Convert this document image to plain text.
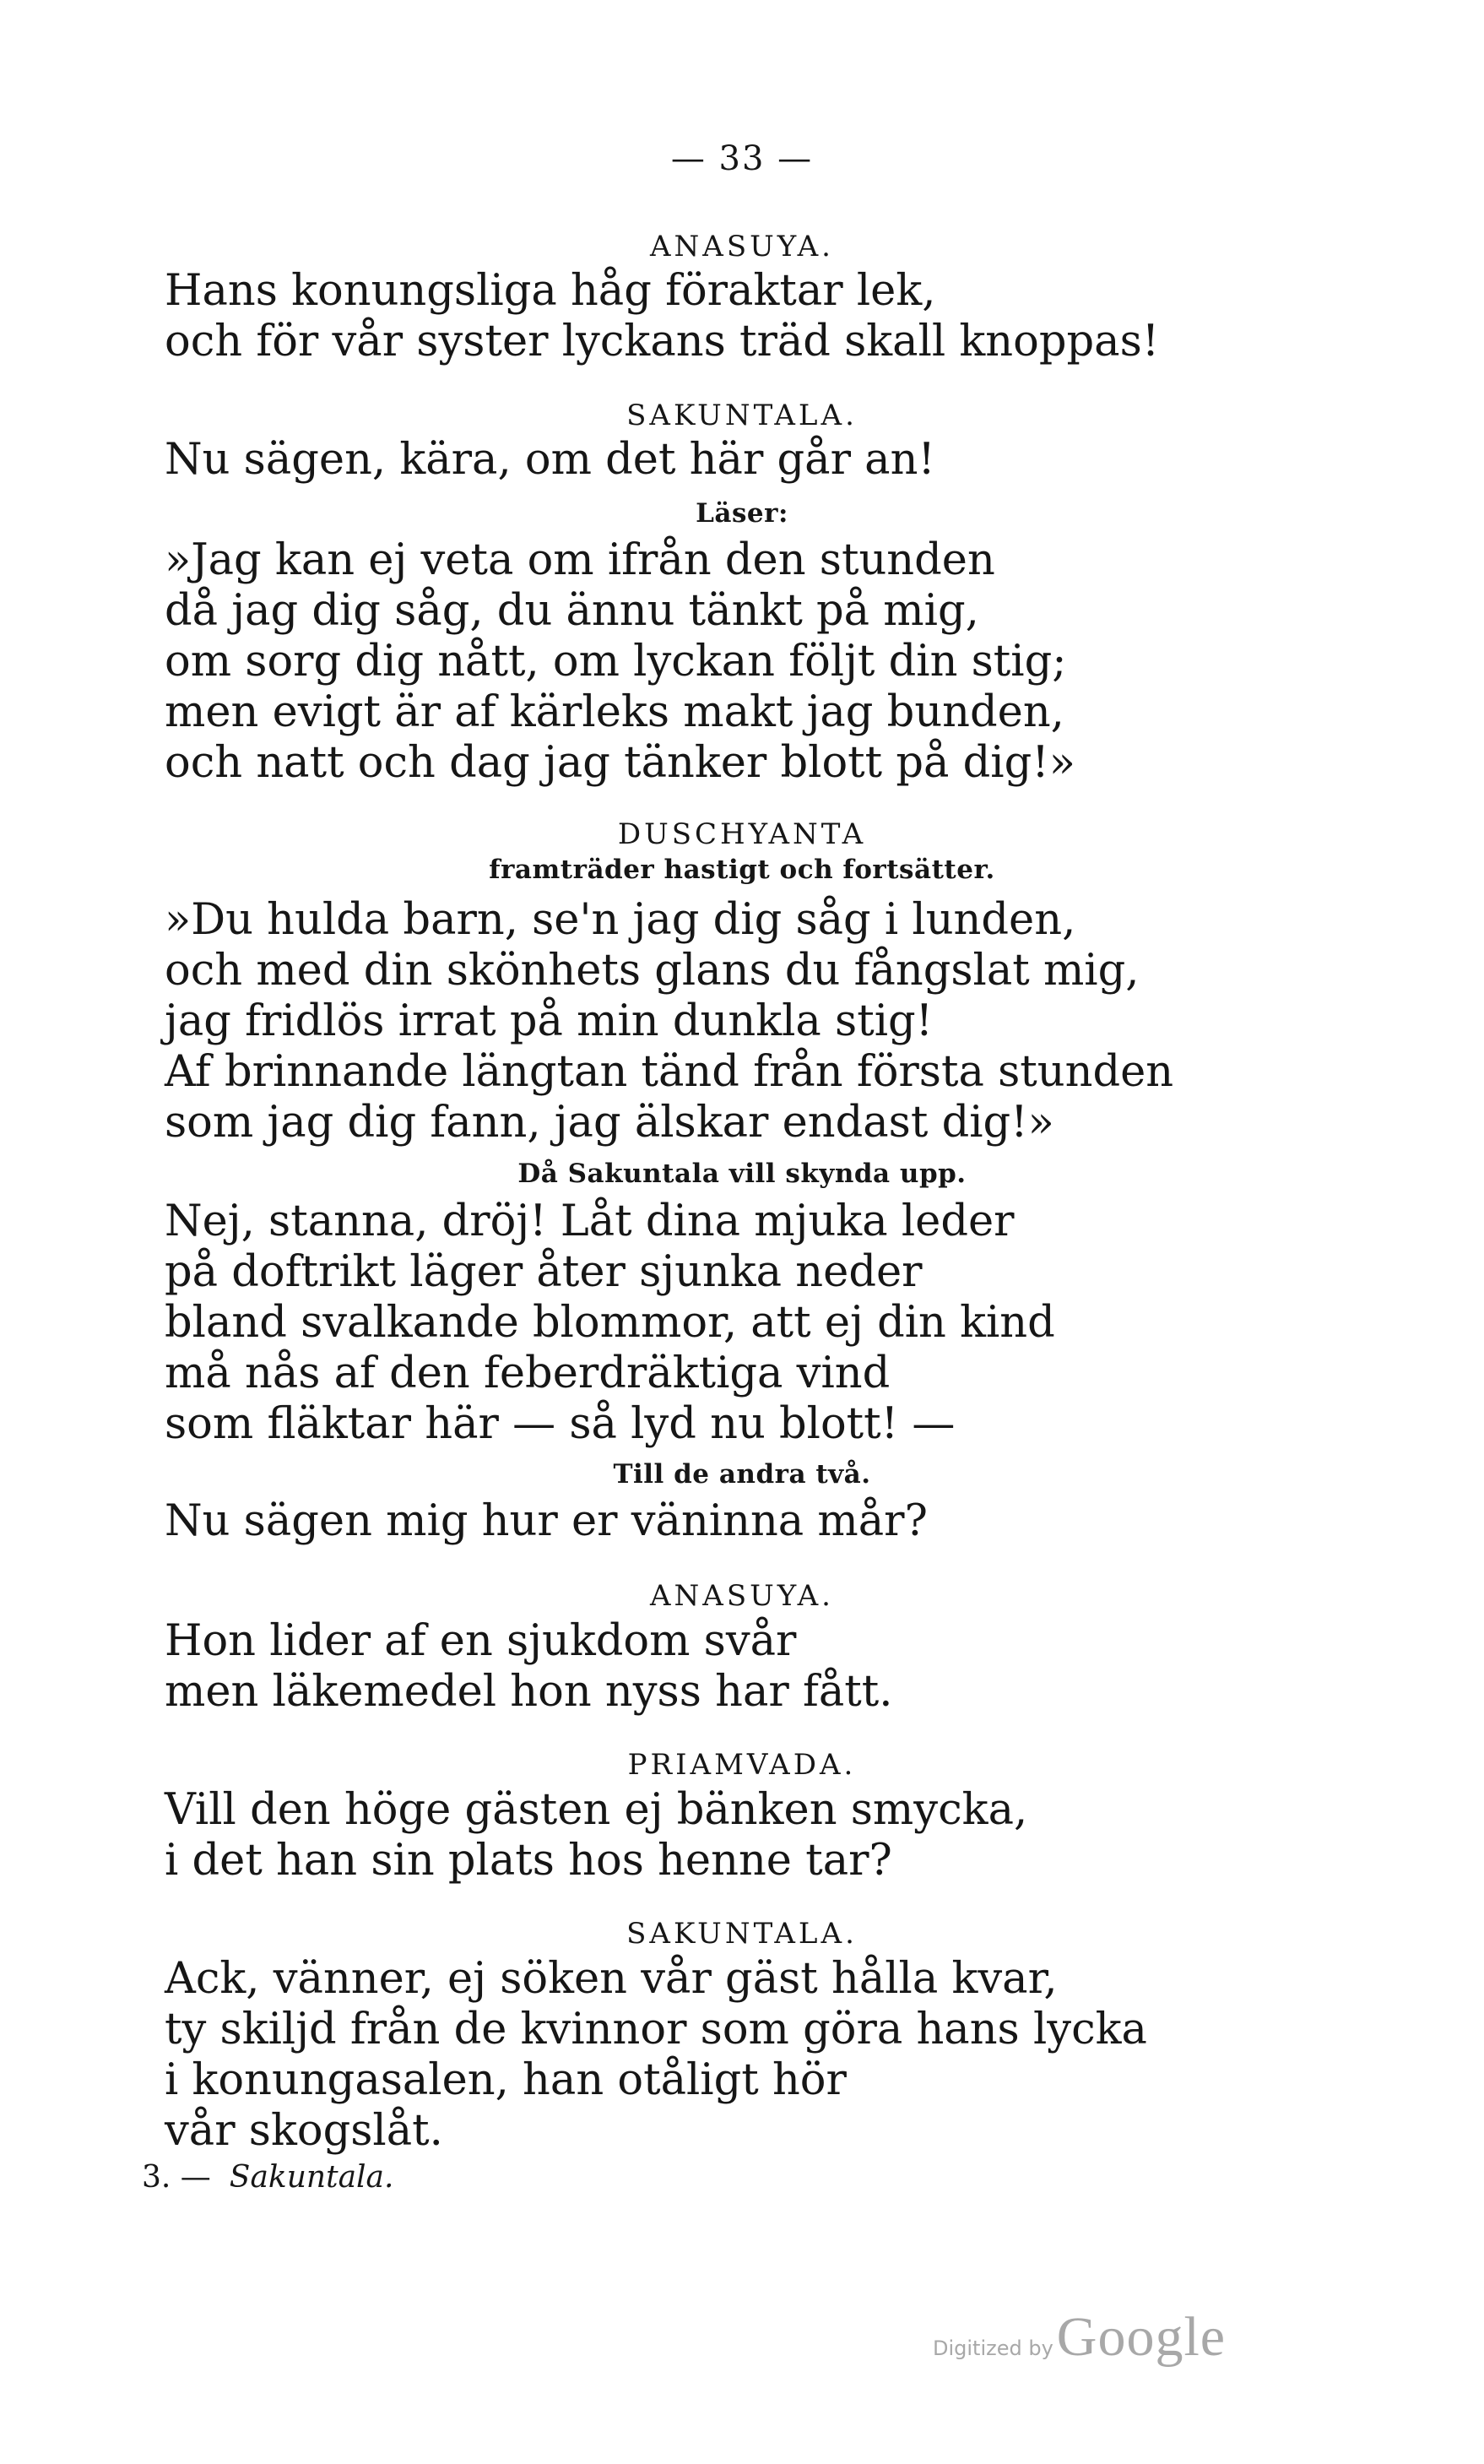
— 33 —
ANASUYA.
Hans konungsliga håg föraktar lek,
och för vår syster lyckans träd skall knoppas!
SAKUNTALA.
Nu sägen, kära, om det här går an!
Läser:
»Jag kan ej veta om ifrån den stunden
då jag dig såg, du ännu tänkt på mig,
om sorg dig nått, om lyckan följt din stig;
men evigt är af kärleks makt jag bunden,
och natt och dag jag tänker blott på dig!»
DUSCHYANTA
framträder hastigt och fortsätter.
»Du hulda barn, se'n jag dig såg i lunden,
och med din skönhets glans du fångslat mig,
jag fridlös irrat på min dunkla stig!
Af brinnande längtan tänd från första stunden
som jag dig fann, jag älskar endast dig!»
Då Sakuntala vill skynda upp.
Nej, stanna, dröj! Låt dina mjuka leder
på doftrikt läger åter sjunka neder
bland svalkande blommor, att ej din kind
må nås af den feberdräktiga vind
som fläktar här — så lyd nu blott! —
Till de andra två.
Nu sägen mig hur er väninna mår?
ANASUYA.
Hon lider af en sjukdom svår
men läkemedel hon nyss har fått.
PRIAMVADA.
Vill den höge gästen ej bänken smycka,
i det han sin plats hos henne tar?
SAKUNTALA.
Ack, vänner, ej söken vår gäst hålla kvar,
ty skiljd från de kvinnor som göra hans lycka
i konungasalen, han otåligt hör
vår skogslåt.
3. — Sakuntala.
Digitized byGoogle
